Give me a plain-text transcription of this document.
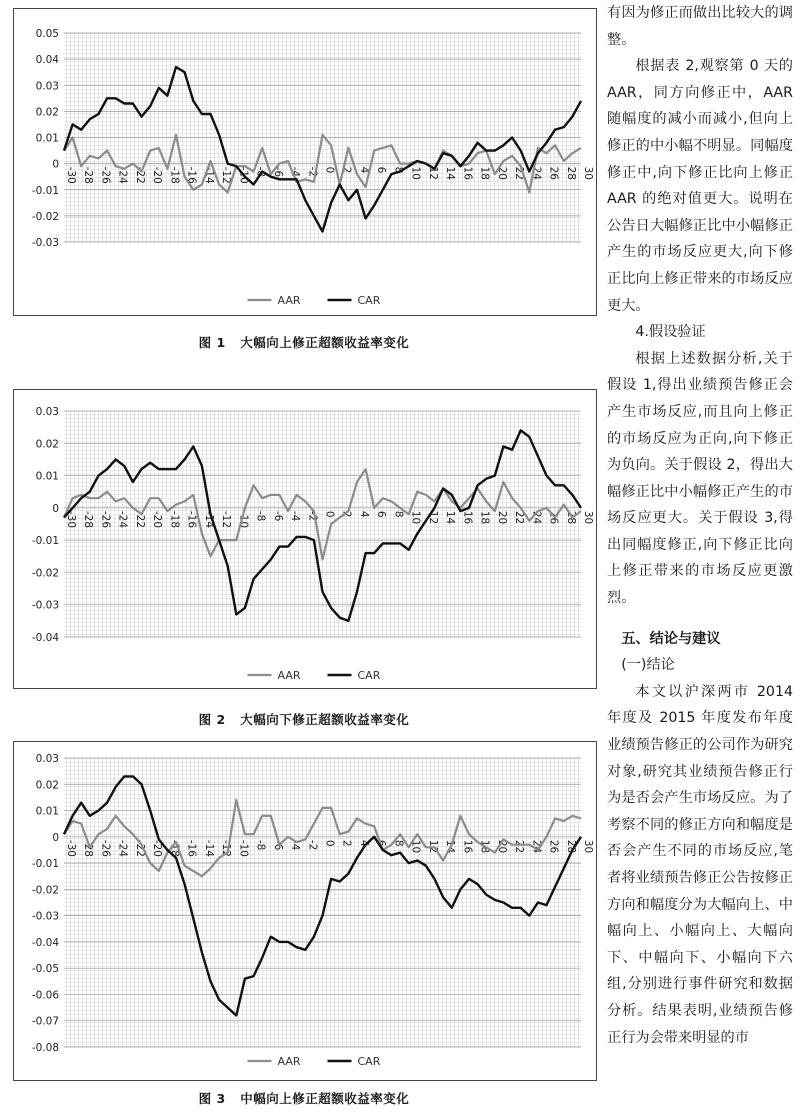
0.05
0.04
0.03
0.02
0.01
0
-0.01
-0.02
-0.03
-30 -28 -26 -24 -22 -20 -18 -16 -14 -12 -10 -8 -6 -4 -2 0 2 4 6 8 10 12 14 16 18 20 22 24 26 28 30
AAR	CAR
图 1 大幅向上修正超额收益率变化
0.03
0.02
0.01
0
-0.01
-0.02
-0.03
-0.04
-30 -28 -26 -24 -22 -20 -18 -16 -14 -12 -10 -8 -6 -4 -2 0 2 4 6 8 10 12 14 16 18 20 22 24 26 28 30
AAR	CAR
图 2 大幅向下修正超额收益率变化
0.03
0.02
0.01
0
-0.01
-0.02
-0.03
-0.04
-0.05
-0.06
-0.07
-0.08
-30 -28 -26 -24 -22 -20 -18 -16 -14 -12 -10 -8 -6 -4 -2 0 2 4 6 8 10 12 14 16 18 20 22 24 26 28 30
AAR	CAR
图 3 中幅向上修正超额收益率变化

有因为修正而做出比较大的调整。

根据表 2,观察第 0 天的 AAR，同方向修正中，AAR 随幅度的减小而减小,但向上修正的中小幅不明显。同幅度修正中,向下修正比向上修正 AAR 的绝对值更大。说明在公告日大幅修正比中小幅修正产生的市场反应更大,向下修正比向上修正带来的市场反应更大。

4.假设验证

根据上述数据分析,关于假设 1,得出业绩预告修正会产生市场反应,而且向上修正的市场反应为正向,向下修正为负向。关于假设 2，得出大幅修正比中小幅修正产生的市场反应更大。关于假设 3,得出同幅度修正,向下修正比向上修正带来的市场反应更激烈。

五、结论与建议

(一)结论

本文以沪深两市 2014 年度及 2015 年度发布年度业绩预告修正的公司作为研究对象,研究其业绩预告修正行为是否会产生市场反应。为了考察不同的修正方向和幅度是否会产生不同的市场反应,笔者将业绩预告修正公告按修正方向和幅度分为大幅向上、中幅向上、小幅向上、大幅向下、中幅向下、小幅向下六组,分别进行事件研究和数据分析。结果表明,业绩预告修正行为会带来明显的市
